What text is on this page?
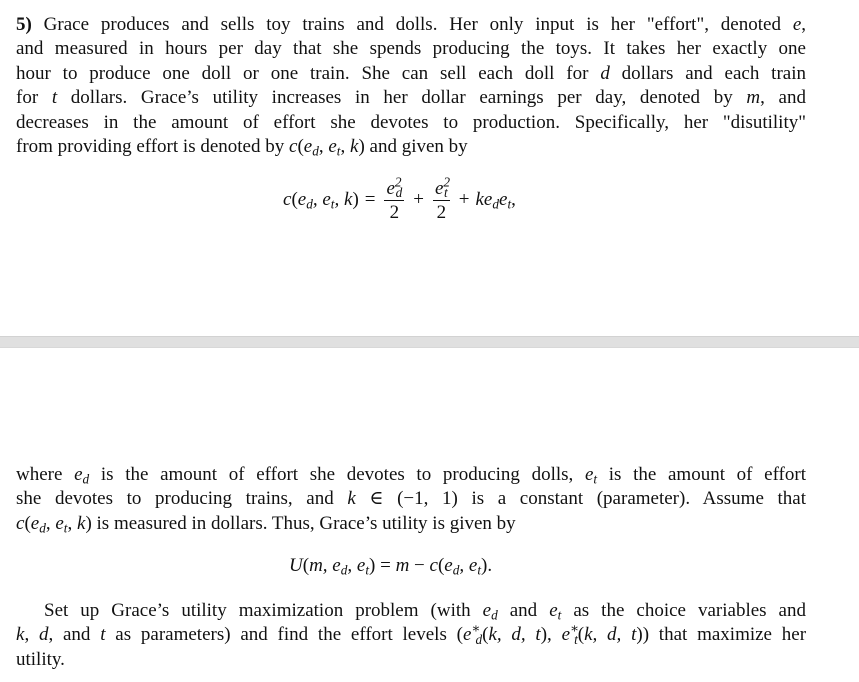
5) Grace produces and sells toy trains and dolls. Her only input is her "effort", denoted e,
and measured in hours per day that she spends producing the toys. It takes her exactly one
hour to produce one doll or one train. She can sell each doll for d dollars and each train
for t dollars. Grace’s utility increases in her dollar earnings per day, denoted by m, and
decreases in the amount of effort she devotes to production. Specifically, her "disutility"
from providing effort is denoted by $c(e_d$, $e_t$, k) and given by
$c(e_d$, $e_t$, $k) = \frac{e^2_d}{2} + \frac{e^2_t}{2} + ke_de_t$,
where $e_d$ is the amount of effort she devotes to producing dolls, $e_t$ is the amount of effort
she devotes to producing trains, and k ∈ (−1, 1) is a constant (parameter). Assume that
$c(e_d$, $e_t$, k) is measured in dollars. Thus, Grace’s utility is given by
U(m, $e_d$, $e_t) = m - c(e_d$, $e_t$).
Set up Grace’s utility maximization problem (with $e_d$ and $e_t$ as the choice variables and
k, d, and t as parameters) and find the effort levels ($e^∗_d(k$, d, t), $e^∗_t(k$, d, t)) that maximize her
utility.
